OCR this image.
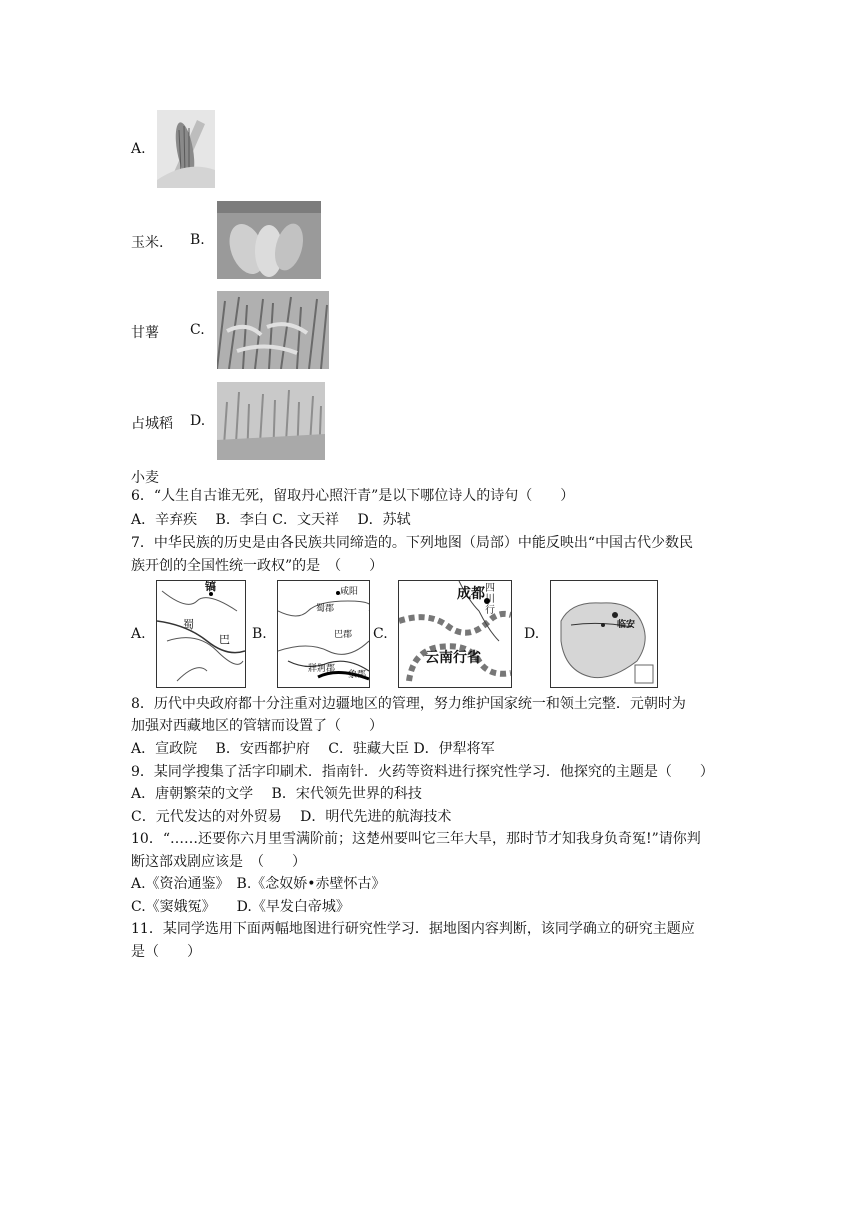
A.
玉米. B.
甘薯 C.
占城稻 D.
小麦
6．“人生自古谁无死，留取丹心照汗青”是以下哪位诗人的诗句（　　）
A．辛弃疾　 B．李白 C．文天祥　 D．苏轼
7．中华民族的历史是由各民族共同缔造的。下列地图（局部）中能反映出“中国古代少数民
族开创的全国性统一政权”的是　（　　）
A.
镐
蜀
巴 B.
咸阳
蜀郡
巴郡
牂牁郡
象郡
C.
成都 四川行
云南行省
D.
临安
8．历代中央政府都十分注重对边疆地区的管理，努力维护国家统一和领土完整．元朝时为
加强对西藏地区的管辖而设置了（　　）
A．宣政院　 B．安西都护府　 C．驻藏大臣 D．伊犁将军
9．某同学搜集了活字印刷术．指南针．火药等资料进行探究性学习．他探究的主题是（　　）
A．唐朝繁荣的文学　 B．宋代领先世界的科技
C．元代发达的对外贸易　 D．明代先进的航海技术
10．“……还要你六月里雪满阶前；这楚州要叫它三年大旱，那时节才知我身负奇冤!”请你判
断这部戏剧应该是　（　　）
A.《资治通鉴》　B.《念奴娇•赤壁怀古》
C.《窦娥冤》　　D.《早发白帝城》
11．某同学选用下面两幅地图进行研究性学习．据地图内容判断，该同学确立的研究主题应
是（　　）
